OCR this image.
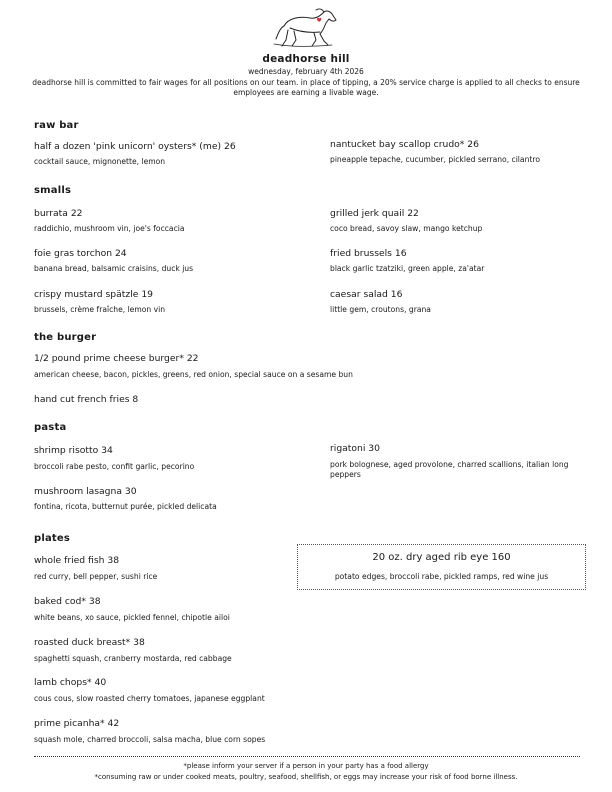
deadhorse hill
wednesday, february 4th 2026
deadhorse hill is committed to fair wages for all positions on our team. in place of tipping, a 20% service charge is applied to all checks to ensure employees are earning a livable wage.
raw bar
half a dozen 'pink unicorn' oysters* (me) 26
cocktail sauce, mignonette, lemon
nantucket bay scallop crudo* 26
pineapple tepache, cucumber, pickled serrano, cilantro
smalls
burrata 22
raddichio, mushroom vin, joe's foccacia
grilled jerk quail 22
coco bread, savoy slaw, mango ketchup
foie gras torchon 24
banana bread, balsamic craisins, duck jus
fried brussels 16
black garlic tzatziki, green apple, za'atar
crispy mustard spätzle 19
brussels, crème fraîche, lemon vin
caesar salad 16
little gem, croutons, grana
the burger
1/2 pound prime cheese burger* 22
american cheese, bacon, pickles, greens, red onion, special sauce on a sesame bun
hand cut french fries 8
pasta
shrimp risotto 34
broccoli rabe pesto, confit garlic, pecorino
rigatoni 30
pork bolognese, aged provolone, charred scallions, italian long peppers
mushroom lasagna 30
fontina, ricota, butternut purée, pickled delicata
plates
whole fried fish 38
red curry, bell pepper, sushi rice
20 oz. dry aged rib eye 160
potato edges, broccoli rabe, pickled ramps, red wine jus
baked cod* 38
white beans, xo sauce, pickled fennel, chipotle ailoi
roasted duck breast* 38
spaghetti squash, cranberry mostarda, red cabbage
lamb chops* 40
cous cous, slow roasted cherry tomatoes, japanese eggplant
prime picanha* 42
squash mole, charred broccoli, salsa macha, blue corn sopes
*please inform your server if a person in your party has a food allergy
*consuming raw or under cooked meats, poultry, seafood, shellfish, or eggs may increase your risk of food borne illness.
